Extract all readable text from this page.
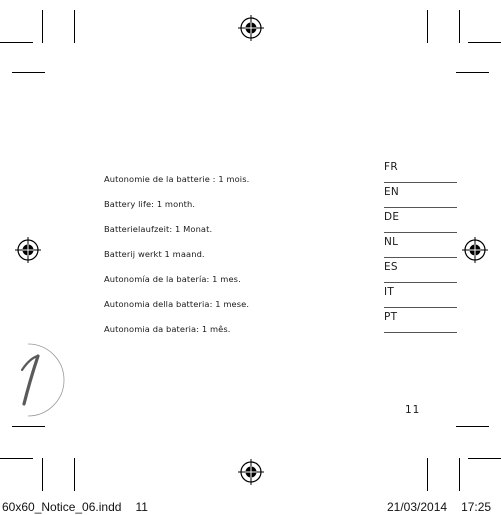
Autonomie de la batterie : 1 mois.
Battery life: 1 month.
Batterielaufzeit: 1 Monat.
Batterij werkt 1 maand.
Autonomía de la batería: 1 mes.
Autonomia della batteria: 1 mese.
Autonomia da bateria: 1 mês.
FR
EN
DE
NL
ES
IT
PT
11
60x60_Notice_06.indd 11	21/03/2014 17:25
